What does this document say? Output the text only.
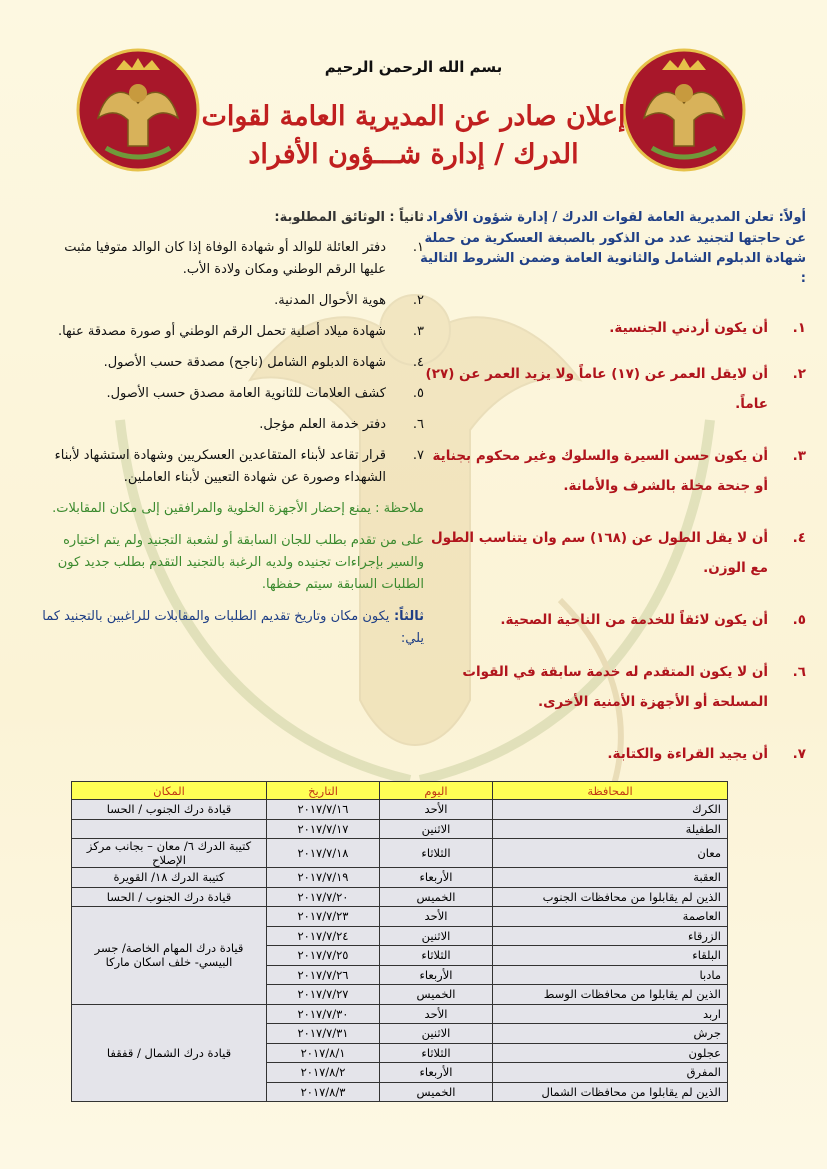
بسم الله الرحمن الرحيم
إعلان صادر عن المديرية العامة لقوات
الدرك / إدارة شـــؤون الأفراد
أولاً: تعلن المديرية العامة لقوات الدرك / إدارة شؤون الأفراد
عن حاجتها لتجنيد عدد من الذكور بالصبغة العسكرية من حملة شهادة الدبلوم الشامل والثانوية العامة وضمن الشروط التالية :
١.
أن يكون أردني الجنسية.
٢.
أن لايقل العمر عن (١٧) عاماً ولا يزيد العمر عن (٢٧) عاماً.
٣.
أن يكون حسن السيرة والسلوك وغير محكوم بجناية أو جنحة مخلة بالشرف والأمانة.
٤.
أن لا يقل الطول عن (١٦٨) سم وان يتناسب الطول مع الوزن.
٥.
أن يكون لائقاً للخدمة من الناحية الصحية.
٦.
أن لا يكون المتقدم له خدمة سابقة في القوات المسلحة أو الأجهزة الأمنية الأخرى.
٧.
أن يجيد القراءة والكتابة.
ثانياً : الوثائق المطلوبة:
١.
دفتر العائلة للوالد أو شهادة الوفاة إذا كان الوالد متوفيا مثبت عليها الرقم الوطني ومكان ولادة الأب.
٢.
هوية الأحوال المدنية.
٣.
شهادة ميلاد أصلية تحمل الرقم الوطني أو صورة مصدقة عنها.
٤.
شهادة الدبلوم الشامل (ناجح) مصدقة حسب الأصول.
٥.
كشف العلامات للثانوية العامة مصدق حسب الأصول.
٦.
دفتر خدمة العلم مؤجل.
٧.
قرار تقاعد لأبناء المتقاعدين العسكريين وشهادة استشهاد لأبناء الشهداء وصورة عن شهادة التعيين لأبناء العاملين.
ملاحظة : يمنع إحضار الأجهزة الخلوية والمرافقين إلى مكان المقابلات.
على من تقدم بطلب للجان السابقة أو لشعبة التجنيد ولم يتم اختياره والسير بإجراءات تجنيده ولديه الرغبة بالتجنيد التقدم بطلب جديد كون الطلبات السابقة سيتم حفظها.
ثالثاً: يكون مكان وتاريخ تقديم الطلبات والمقابلات للراغبين بالتجنيد كما يلي:
المحافظة	اليوم	التاريخ	المكان
الكرك	الأحد	٢٠١٧/٧/١٦	قيادة درك الجنوب / الحسا
الطفيلة	الاثنين	٢٠١٧/٧/١٧	
معان	الثلاثاء	٢٠١٧/٧/١٨	كتيبة الدرك ٦/ معان – بجانب مركز الإصلاح
العقبة	الأربعاء	٢٠١٧/٧/١٩	كتيبة الدرك ١٨/ القويرة
الذين لم يقابلوا من محافظات الجنوب	الخميس	٢٠١٧/٧/٢٠	قيادة درك الجنوب / الحسا
العاصمة	الأحد	٢٠١٧/٧/٢٣	قيادة درك المهام الخاصة/ جسر البيسي- خلف اسكان ماركا
الزرقاء	الاثنين	٢٠١٧/٧/٢٤	
البلقاء	الثلاثاء	٢٠١٧/٧/٢٥	
مادبا	الأربعاء	٢٠١٧/٧/٢٦	
الذين لم يقابلوا من محافظات الوسط	الخميس	٢٠١٧/٧/٢٧	
اربد	الأحد	٢٠١٧/٧/٣٠	قيادة درك الشمال / قفقفا
جرش	الاثنين	٢٠١٧/٧/٣١	
عجلون	الثلاثاء	٢٠١٧/٨/١	
المفرق	الأربعاء	٢٠١٧/٨/٢	
الذين لم يقابلوا من محافظات الشمال	الخميس	٢٠١٧/٨/٣	
